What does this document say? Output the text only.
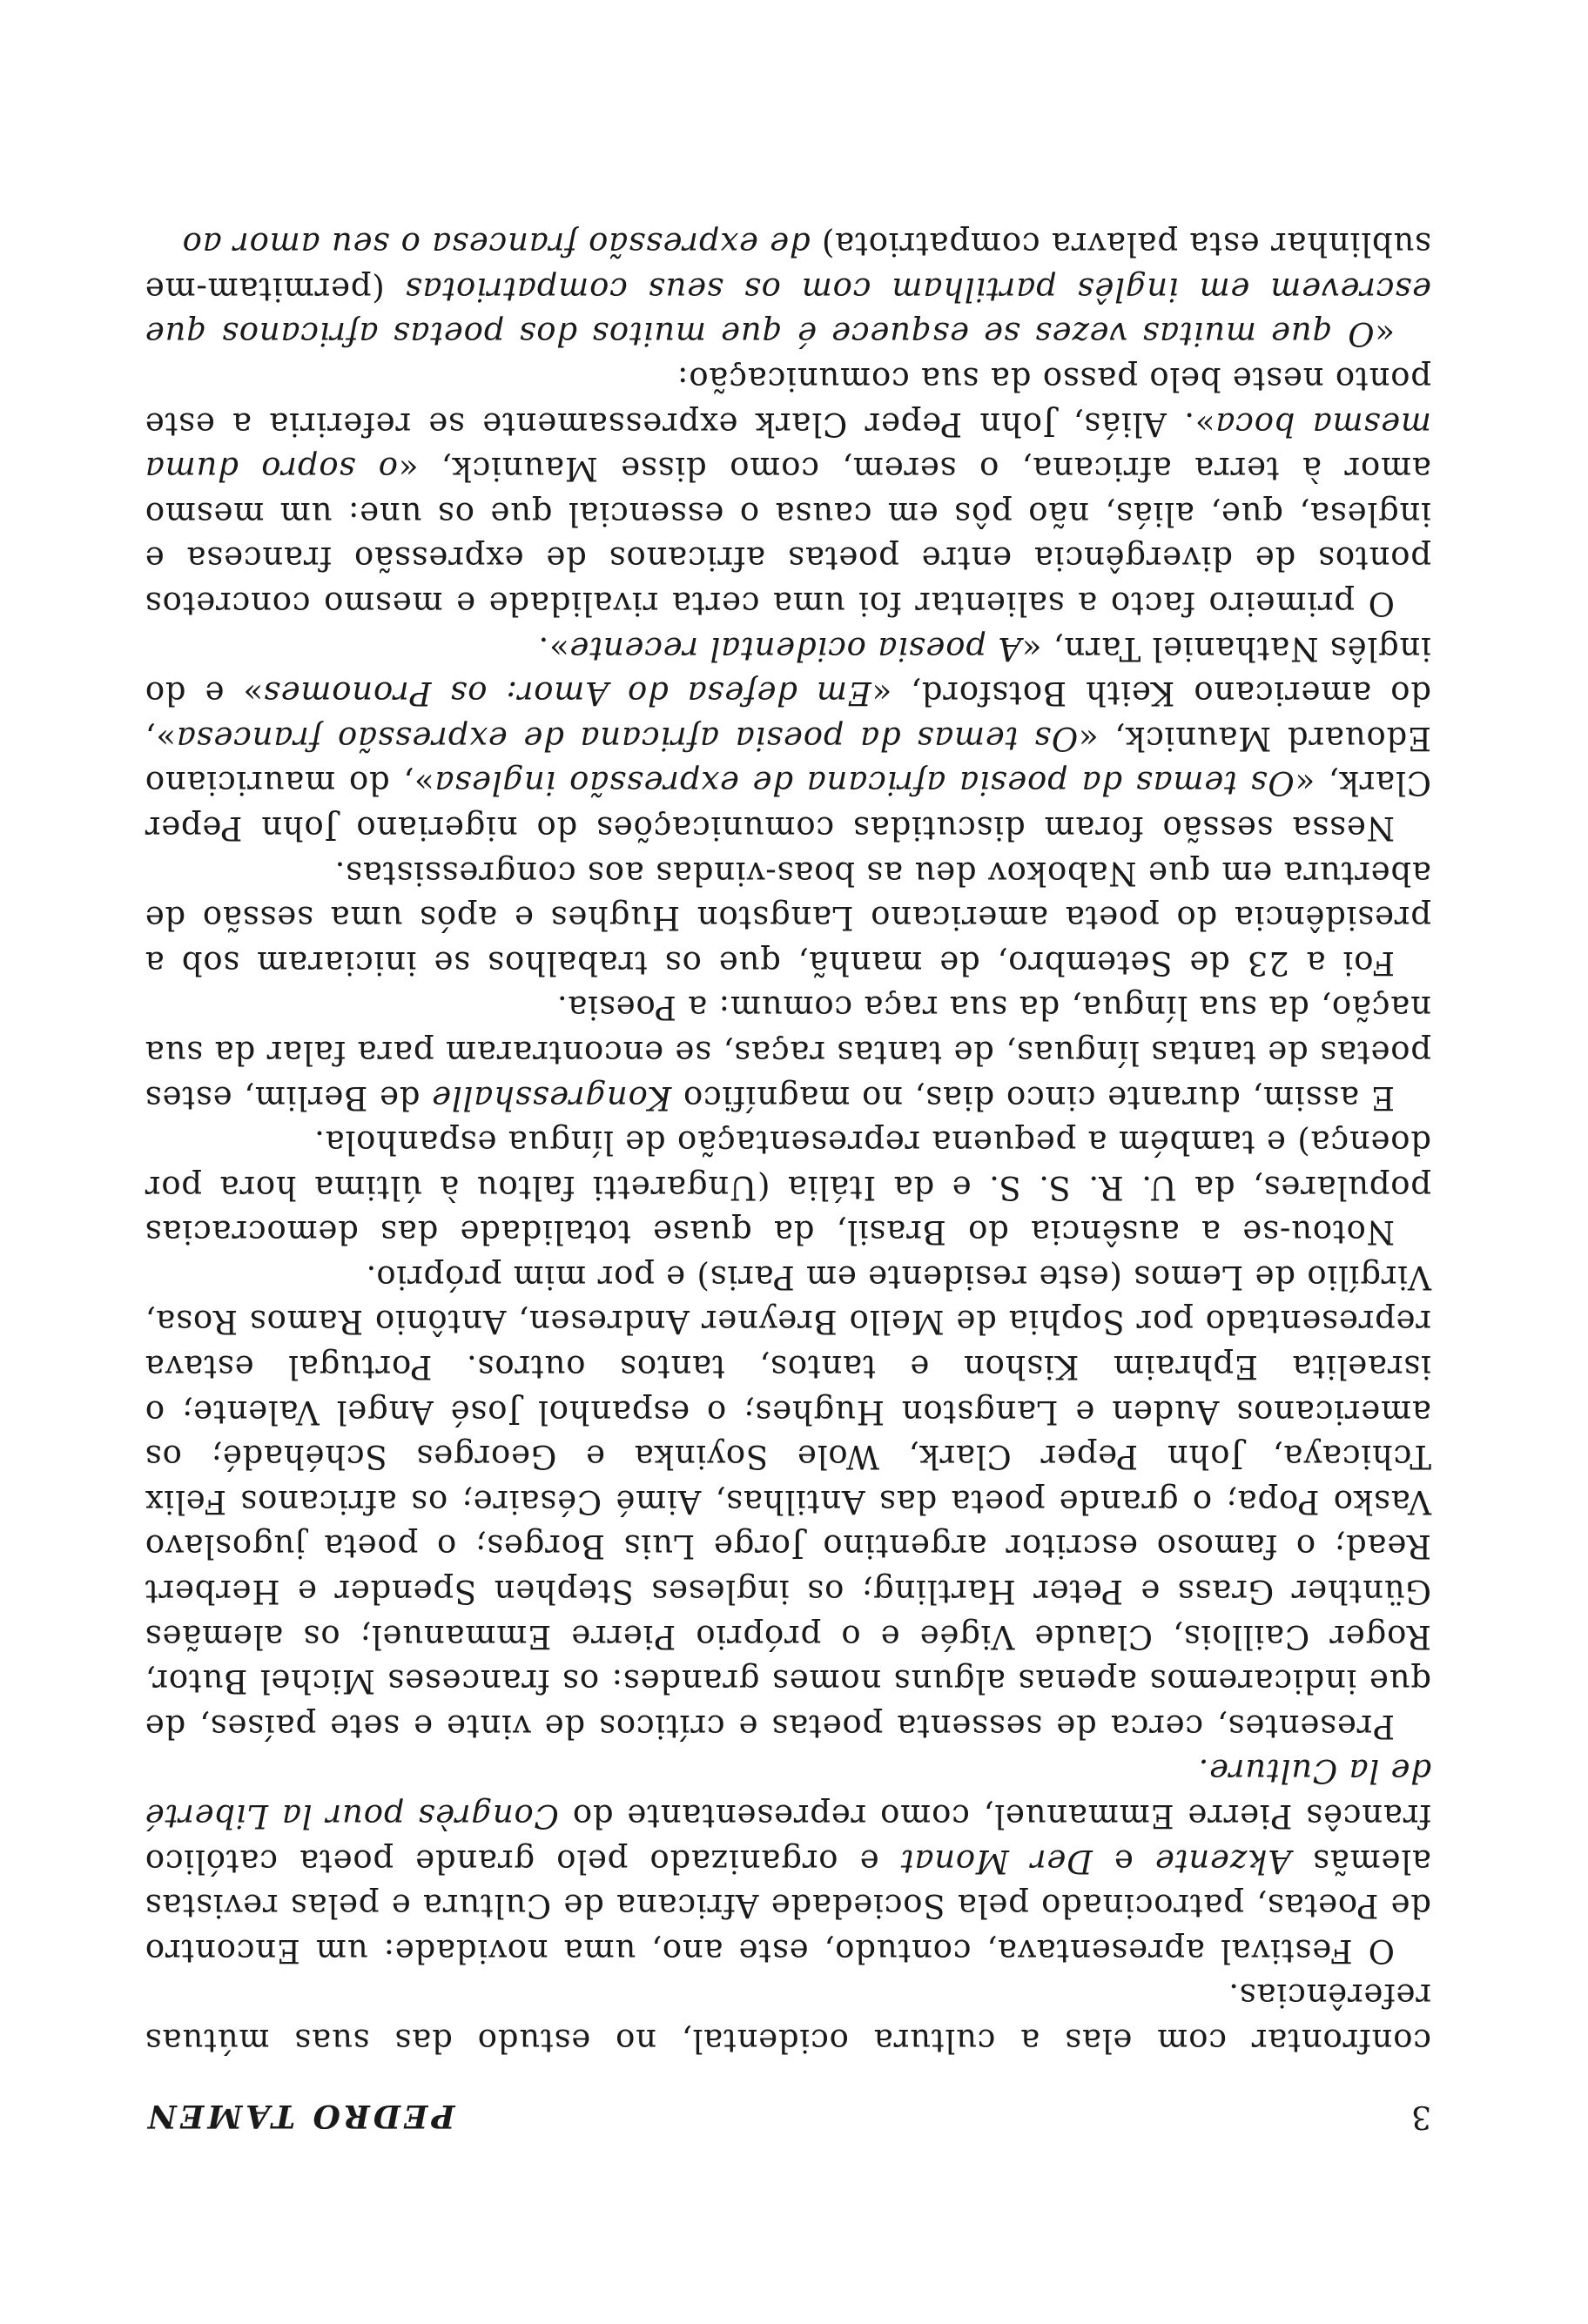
3
PEDRO TAMEN

confrontar com elas a cultura ocidental, no estudo das suas mútuas referências.

O Festival apresentava, contudo, este ano, uma novidade: um Encontro de Poetas, patrocinado pela Sociedade Africana de Cultura e pelas revistas alemãs Akzente e Der Monat e organizado pelo grande poeta católico francês Pierre Emmanuel, como representante do Congrès pour la Liberté de la Culture.

Presentes, cerca de sessenta poetas e críticos de vinte e sete países, de que indicaremos apenas alguns nomes grandes: os franceses Michel Butor, Roger Caillois, Claude Vigée e o próprio Pierre Emmanuel; os alemães Günther Grass e Peter Hartling; os ingleses Stephen Spender e Herbert Read; o famoso escritor argentino Jorge Luis Borges; o poeta jugoslavo Vasko Popa; o grande poeta das Antilhas, Aimé Césaire; os africanos Felix Tchicaya, John Peper Clark, Wole Soyinka e Georges Schéhadé; os americanos Auden e Langston Hughes; o espanhol José Angel Valente; o israelita Ephraim Kishon e tantos, tantos outros. Portugal estava representado por Sophia de Mello Breyner Andresen, Antônio Ramos Rosa, Virgílio de Lemos (este residente em Paris) e por mim próprio.

Notou-se a ausência do Brasil, da quase totalidade das democracias populares, da U. R. S. S. e da Itália (Ungaretti faltou à última hora por doença) e também a pequena representação de língua espanhola.

E assim, durante cinco dias, no magnífico Kongresshalle de Berlim, estes poetas de tantas línguas, de tantas raças, se encontraram para falar da sua nação, da sua língua, da sua raça comum: a Poesia.

Foi a 23 de Setembro, de manhã, que os trabalhos se iniciaram sob a presidência do poeta americano Langston Hughes e após uma sessão de abertura em que Nabokov deu as boas-vindas aos congressistas.

Nessa sessão foram discutidas comunicações do nigeriano John Peper Clark, «Os temas da poesia africana de expressão inglesa», do mauriciano Edouard Maunick, «Os temas da poesia africana de expressão francesa», do americano Keith Botsford, «Em defesa do Amor: os Pronomes» e do inglês Nathaniel Tarn, «A poesia ocidental recente».

O primeiro facto a salientar foi uma certa rivalidade e mesmo concretos pontos de divergência entre poetas africanos de expressão francesa e inglesa, que, aliás, não pôs em causa o essencial que os une: um mesmo amor à terra africana, o serem, como disse Maunick, «o sopro duma mesma boca». Aliás, John Peper Clark expressamente se referiria a este ponto neste belo passo da sua comunicação:

«O que muitas vezes se esquece é que muitos dos poetas africanos que escrevem em inglês partilham com os seus compatriotas (permitam-me sublinhar esta palavra compatriota) de expressão francesa o seu amor ao
